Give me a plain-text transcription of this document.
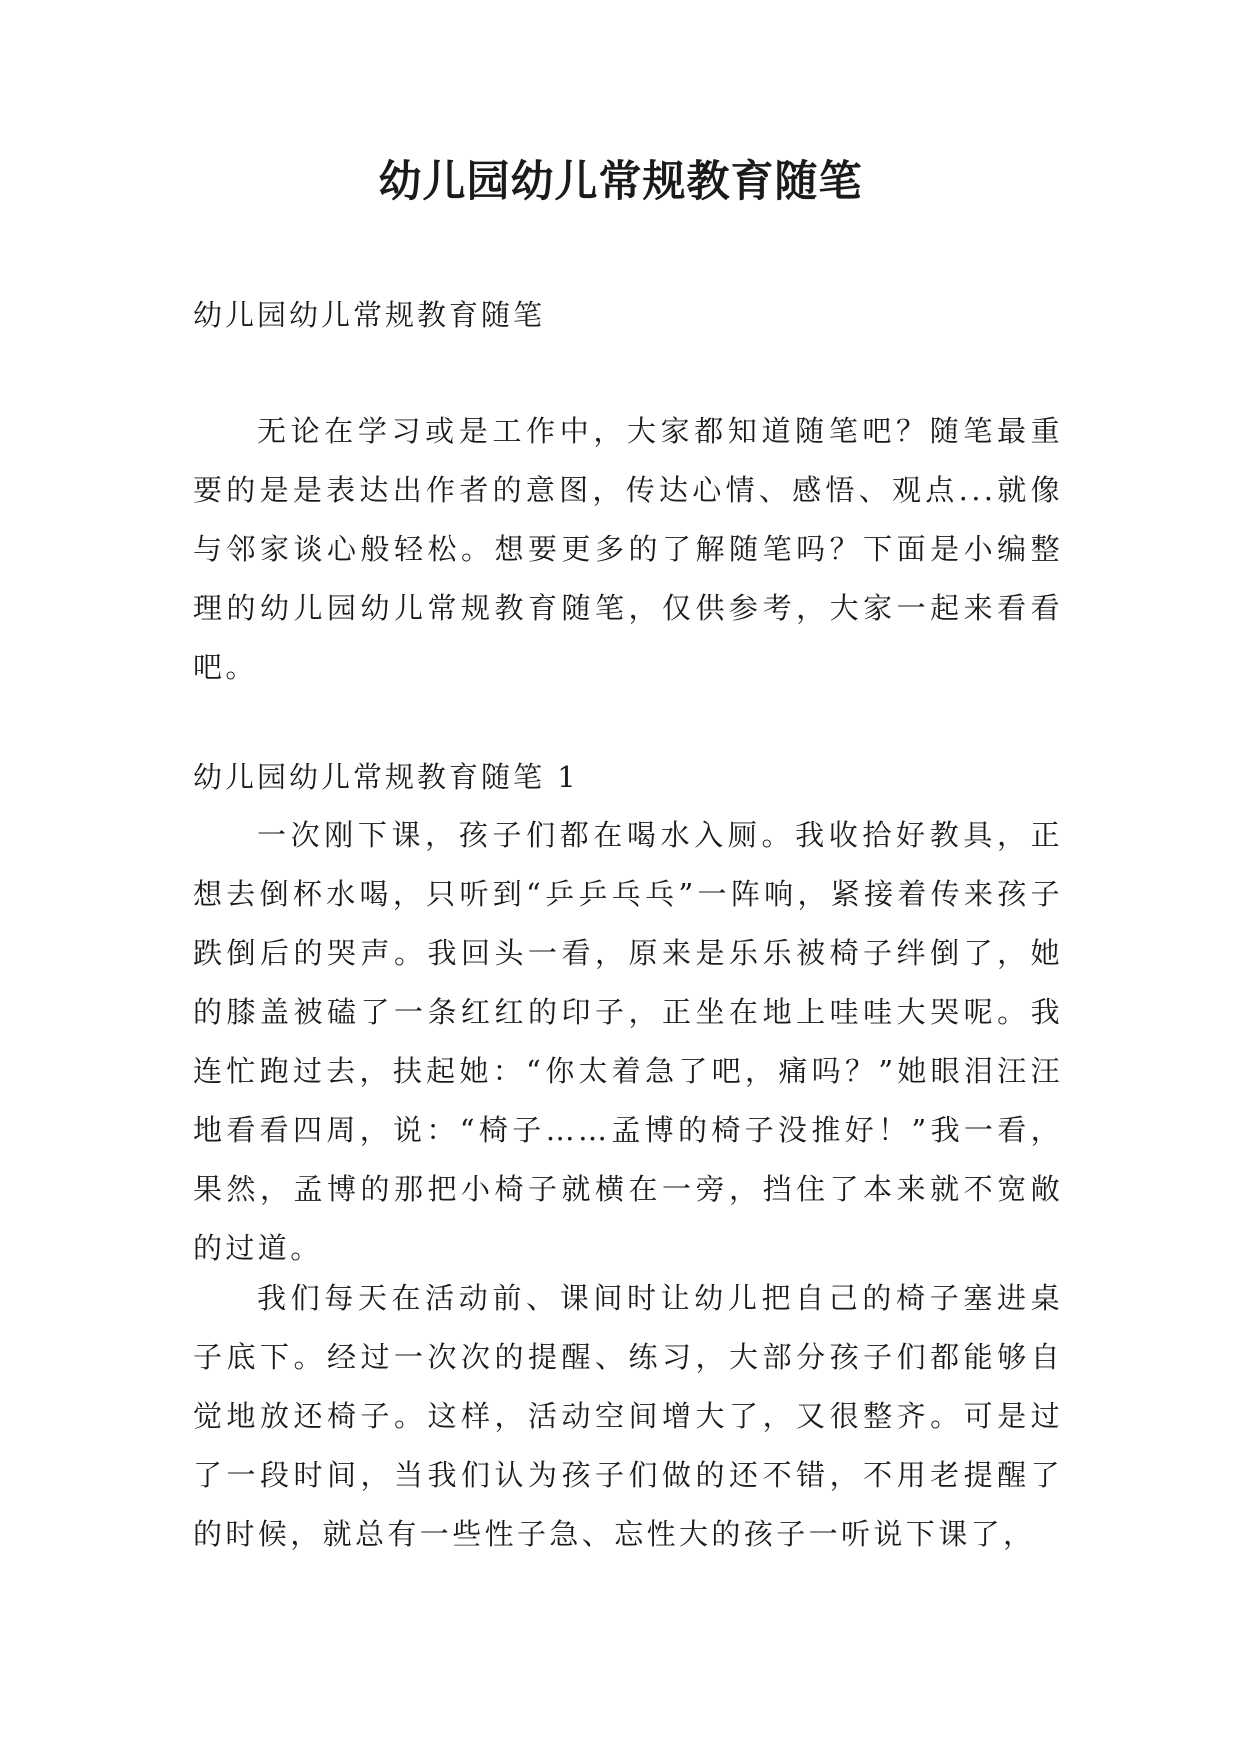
幼儿园幼儿常规教育随笔

幼儿园幼儿常规教育随笔

无论在学习或是工作中，大家都知道随笔吧？随笔最重要的是是表达出作者的意图，传达心情、感悟、观点...就像与邻家谈心般轻松。想要更多的了解随笔吗？下面是小编整理的幼儿园幼儿常规教育随笔，仅供参考，大家一起来看看吧。

幼儿园幼儿常规教育随笔 1

一次刚下课，孩子们都在喝水入厕。我收拾好教具，正想去倒杯水喝，只听到“乒乒乓乓”一阵响，紧接着传来孩子跌倒后的哭声。我回头一看，原来是乐乐被椅子绊倒了，她的膝盖被磕了一条红红的印子，正坐在地上哇哇大哭呢。我连忙跑过去，扶起她：“你太着急了吧，痛吗？”她眼泪汪汪地看看四周，说：“椅子……孟博的椅子没推好！”我一看，果然，孟博的那把小椅子就横在一旁，挡住了本来就不宽敞的过道。

我们每天在活动前、课间时让幼儿把自己的椅子塞进桌子底下。经过一次次的提醒、练习，大部分孩子们都能够自觉地放还椅子。这样，活动空间增大了，又很整齐。可是过了一段时间，当我们认为孩子们做的还不错，不用老提醒了的时候，就总有一些性子急、忘性大的孩子一听说下课了，
